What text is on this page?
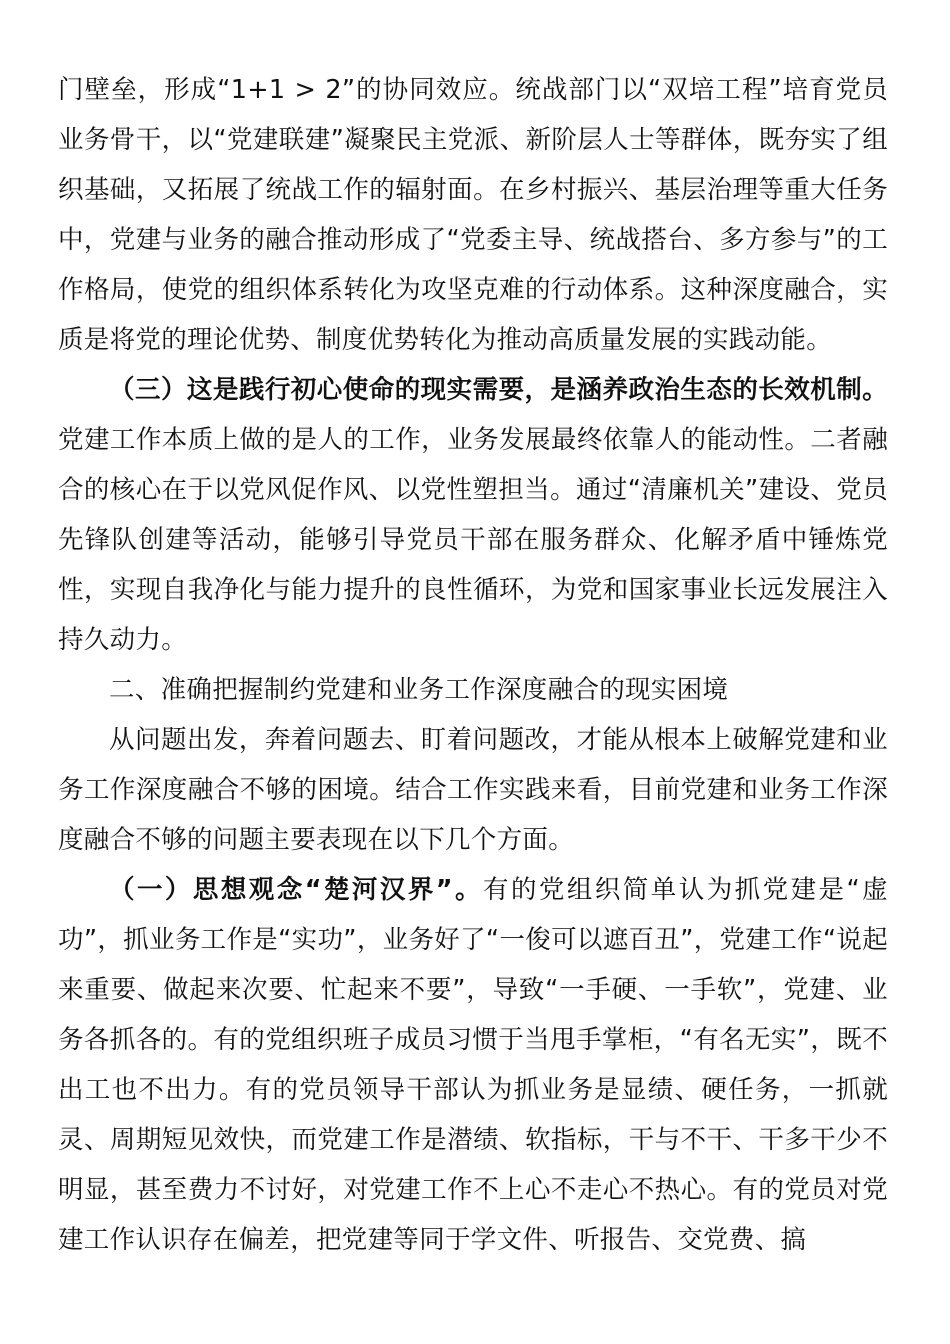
门壁垒，形成“1+1 > 2”的协同效应。统战部门以“双培工程”培育党员业务骨干，以“党建联建”凝聚民主党派、新阶层人士等群体，既夯实了组织基础，又拓展了统战工作的辐射面。在乡村振兴、基层治理等重大任务中，党建与业务的融合推动形成了“党委主导、统战搭台、多方参与”的工作格局，使党的组织体系转化为攻坚克难的行动体系。这种深度融合，实质是将党的理论优势、制度优势转化为推动高质量发展的实践动能。

（三）这是践行初心使命的现实需要，是涵养政治生态的长效机制。党建工作本质上做的是人的工作，业务发展最终依靠人的能动性。二者融合的核心在于以党风促作风、以党性塑担当。通过“清廉机关”建设、党员先锋队创建等活动，能够引导党员干部在服务群众、化解矛盾中锤炼党性，实现自我净化与能力提升的良性循环，为党和国家事业长远发展注入持久动力。

二、准确把握制约党建和业务工作深度融合的现实困境

从问题出发，奔着问题去、盯着问题改，才能从根本上破解党建和业务工作深度融合不够的困境。结合工作实践来看，目前党建和业务工作深度融合不够的问题主要表现在以下几个方面。

（一）思想观念“楚河汉界”。有的党组织简单认为抓党建是“虚功”，抓业务工作是“实功”，业务好了“一俊可以遮百丑”，党建工作“说起来重要、做起来次要、忙起来不要”，导致“一手硬、一手软”，党建、业务各抓各的。有的党组织班子成员习惯于当甩手掌柜，“有名无实”，既不出工也不出力。有的党员领导干部认为抓业务是显绩、硬任务，一抓就灵、周期短见效快，而党建工作是潜绩、软指标，干与不干、干多干少不明显，甚至费力不讨好，对党建工作不上心不走心不热心。有的党员对党建工作认识存在偏差，把党建等同于学文件、听报告、交党费、搞
